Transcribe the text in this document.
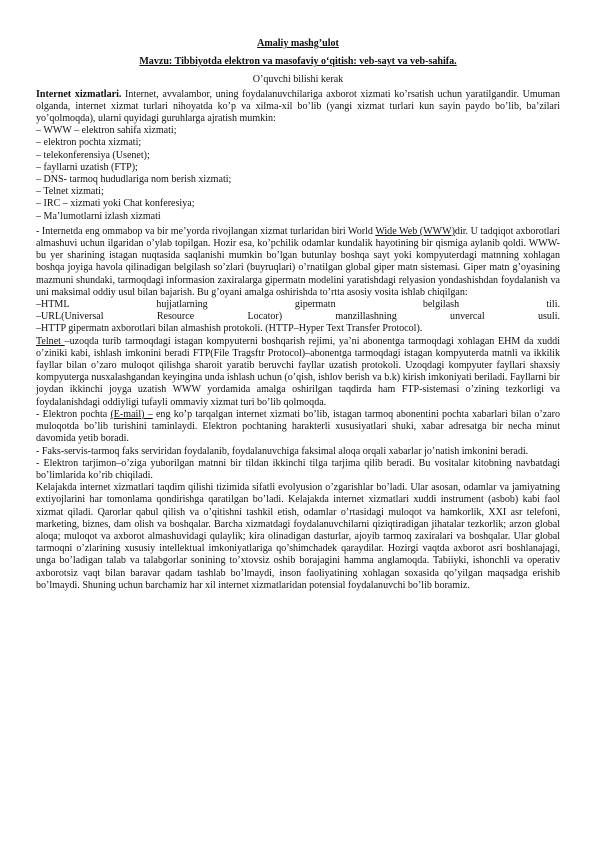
Amaliy mashg’ulot
Mavzu: Tibbiyotda elektron va masofaviy o‘qitish: veb-sayt va veb-sahifa.
O’quvchi bilishi kerak

Internet xizmatlari. Internet, avvalambor, uning foydalanuvchilariga axborot xizmati ko’rsatish uchun yaratilgandir. Umuman olganda, internet xizmat turlari nihoyatda ko’p va xilma-xil bo’lib (yangi xizmat turlari kun sayin paydo bo’lib, ba’zilari yo’qolmoqda), ularni quyidagi guruhlarga ajratish mumkin:

– WWW – elektron sahifa xizmati;
– elektron pochta xizmati;
– telekonferensiya (Usenet);
– fayllarni uzatish (FTP);
– DNS- tarmoq hududlariga nom berish xizmati;
– Telnet xizmati;
– IRC – xizmati yoki Chat konferesiya;
– Ma’lumotlarni izlash xizmati

- Internetda eng ommabop va bir me’yorda rivojlangan xizmat turlaridan biri World Wide Web (WWW)dir. U tadqiqot axborotlari almashuvi uchun ilgaridan o’ylab topilgan. Hozir esa, ko’pchilik odamlar kundalik hayotining bir qismiga aylanib qoldi. WWW-bu yer sharining istagan nuqtasida saqlanishi mumkin bo’lgan butunlay boshqa sayt yoki kompyuterdagi matnning xohlagan boshqa joyiga havola qilinadigan belgilash so’zlari (buyruqlari) o’rnatilgan global giper matn sistemasi. Giper matn g’oyasining mazmuni shundaki, tarmoqdagi informasion zaxiralarga gipermatn modelini yaratishdagi relyasion yondashishdan foydalanish va uni maksimal oddiy usul bilan bajarish. Bu g’oyani amalga oshirishda to’rtta asosiy vosita ishlab chiqilgan:

–HTML hujjatlarning gipermatn belgilash tili.

–URL(Universal Resource Locator) manzillashning unvercal usuli.

–HTTP gipermatn axborotlari bilan almashish protokoli. (HTTP–Hyper Text Transfer Protocol).

Telnet –uzoqda turib tarmoqdagi istagan kompyuterni boshqarish rejimi, ya’ni abonentga tarmoqdagi xohlagan EHM da xuddi o’ziniki kabi, ishlash imkonini beradi FTP(File Tragsftr Protocol)–abonentga tarmoqdagi istagan kompyuterda matnli va ikkilik fayllar bilan o’zaro muloqot qilishga sharoit yaratib beruvchi fayllar uzatish protokoli. Uzoqdagi kompyuter fayllari shaxsiy kompyuterga nusxalashgandan keyingina unda ishlash uchun (o’qish, ishlov berish va b.k) kirish imkoniyati beriladi. Fayllarni bir joydan ikkinchi joyga uzatish WWW yordamida amalga oshirilgan taqdirda ham FTP-sistemasi o’zining tezkorligi va foydalanishdagi oddiyligi tufayli ommaviy xizmat turi bo’lib qolmoqda.

- Elektron pochta (E-mail) – eng ko’p tarqalgan internet xizmati bo’lib, istagan tarmoq abonentini pochta xabarlari bilan o’zaro muloqotda bo’lib turishini taminlaydi. Elektron pochtaning harakterli xususiyatlari shuki, xabar adresatga bir necha minut davomida yetib boradi.

- Faks-servis-tarmoq faks serviridan foydalanib, foydalanuvchiga faksimal aloqa orqali xabarlar jo’natish imkonini beradi.

- Elektron tarjimon–o’ziga yuborilgan matnni bir tildan ikkinchi tilga tarjima qilib beradi. Bu vositalar kitobning navbatdagi bo’limlarida ko’rib chiqiladi.

Kelajakda internet xizmatlari taqdim qilishi tizimida sifatli evolyusion o’zgarishlar bo’ladi. Ular asosan, odamlar va jamiyatning extiyojlarini har tomonlama qondirishga qaratilgan bo’ladi. Kelajakda internet xizmatlari xuddi instrument (asbob) kabi faol xizmat qiladi. Qarorlar qabul qilish va o’qitishni tashkil etish, odamlar o’rtasidagi muloqot va hamkorlik, XXI asr telefoni, marketing, biznes, dam olish va boshqalar. Barcha xizmatdagi foydalanuvchilarni qiziqtiradigan jihatalar tezkorlik; arzon global aloqa; muloqot va axborot almashuvidagi qulaylik; kira olinadigan dasturlar, ajoyib tarmoq zaxiralari va boshqalar. Ular global tarmoqni o’zlarining xususiy intellektual imkoniyatlariga qo’shimchadek qaraydilar. Hozirgi vaqtda axborot asri boshlanajagi, unga bo’ladigan talab va talabgorlar sonining to’xtovsiz oshib borajagini hamma anglamoqda. Tabiiyki, ishonchli va operativ axborotsiz vaqt bilan baravar qadam tashlab bo’lmaydi, inson faoliyatining xohlagan soxasida qo’yilgan maqsadga erishib bo’lmaydi. Shuning uchun barchamiz har xil internet xizmatlaridan potensial foydalanuvchi bo’lib boramiz.
